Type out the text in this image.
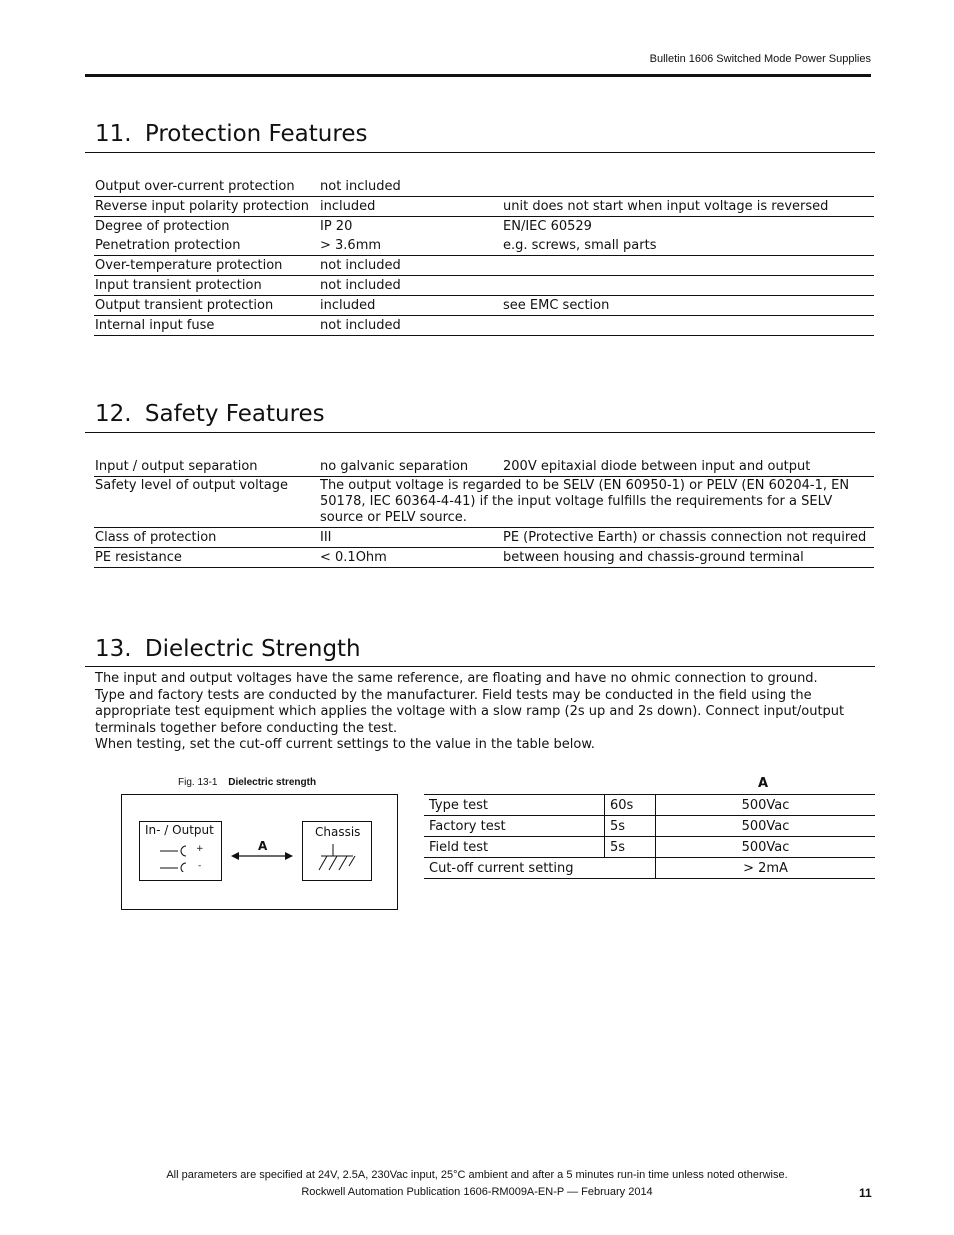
Bulletin 1606 Switched Mode Power Supplies
11. Protection Features
Output over-current protection	not included	
Reverse input polarity protection	included	unit does not start when input voltage is reversed
Degree of protection	IP 20	EN/IEC 60529
Penetration protection	> 3.6mm	e.g. screws, small parts
Over-temperature protection	not included	
Input transient protection	not included	
Output transient protection	included	see EMC section
Internal input fuse	not included	
12. Safety Features
Input / output separation	no galvanic separation	200V epitaxial diode between input and output
Safety level of output voltage	The output voltage is regarded to be SELV (EN 60950-1) or PELV (EN 60204-1, EN 50178, IEC 60364-4-41) if the input voltage fulfills the requirements for a SELV source or PELV source.	
Class of protection	III	PE (Protective Earth) or chassis connection not required
PE resistance	< 0.1Ohm	between housing and chassis-ground terminal
13. Dielectric Strength
The input and output voltages have the same reference, are floating and have no ohmic connection to ground.
Type and factory tests are conducted by the manufacturer. Field tests may be conducted in the field using the appropriate test equipment which applies the voltage with a slow ramp (2s up and 2s down). Connect input/output terminals together before conducting the test.
When testing, set the cut-off current settings to the value in the table below.
Fig. 13-1 Dielectric strength
In- / Output
+
-
A
Chassis
A
Type test	60s	500Vac
Factory test	5s	500Vac
Field test	5s	500Vac
Cut-off current setting		> 2mA
All parameters are specified at 24V, 2.5A, 230Vac input, 25°C ambient and after a 5 minutes run-in time unless noted otherwise.
Rockwell Automation Publication 1606-RM009A-EN-P — February 2014	11
